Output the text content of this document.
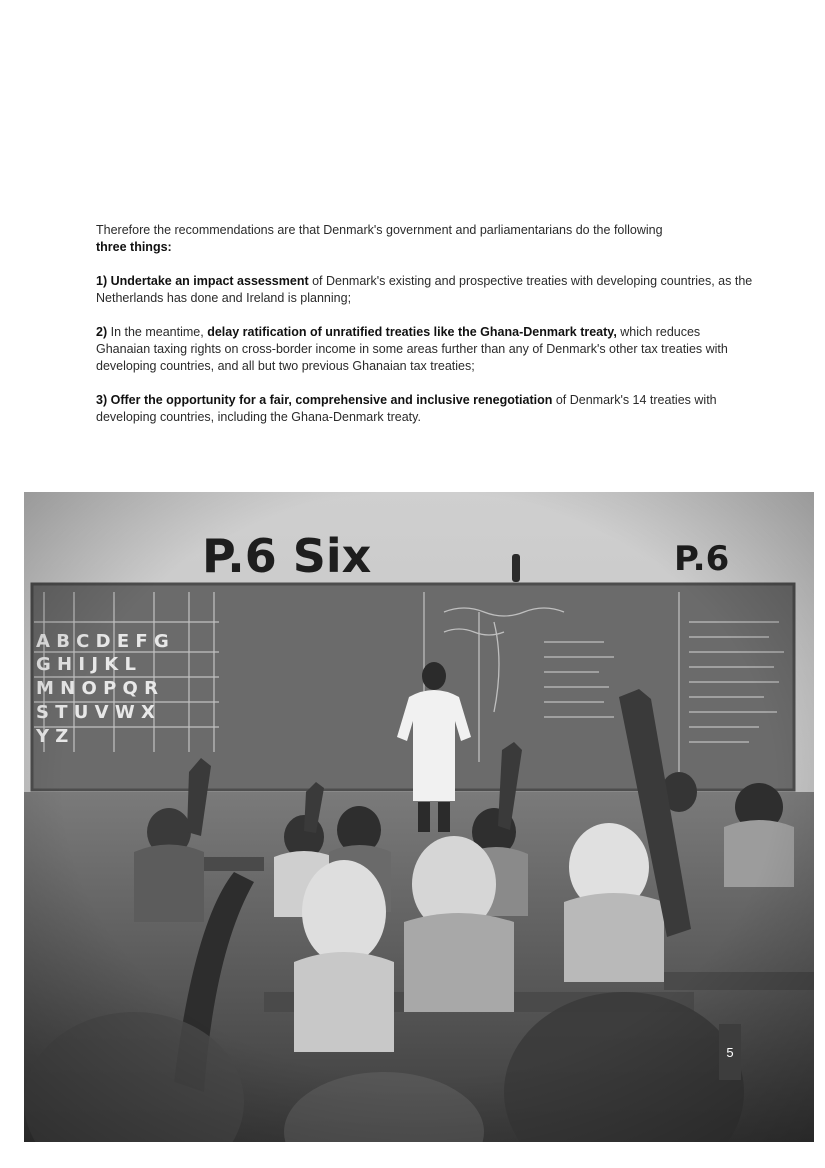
Therefore the recommendations are that Denmark's government and parliamentarians do the following
three things:

1) Undertake an impact assessment of Denmark's existing and prospective treaties with developing countries, as the Netherlands has done and Ireland is planning;

2) In the meantime, delay ratification of unratified treaties like the Ghana-Denmark treaty, which reduces Ghanaian taxing rights on cross-border income in some areas further than any of Denmark's other tax treaties with developing countries, and all but two previous Ghanaian tax treaties;

3) Offer the opportunity for a fair, comprehensive and inclusive renegotiation of Denmark's 14 treaties with developing countries, including the Ghana-Denmark treaty.

5
